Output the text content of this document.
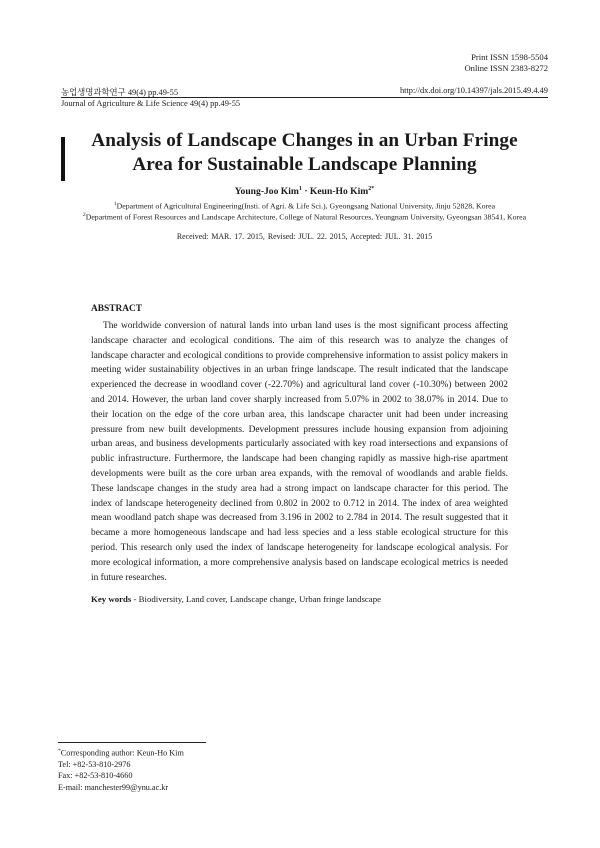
Print ISSN 1598-5504
Online ISSN 2383-8272
농업생명과학연구 49(4) pp.49-55	http://dx.doi.org/10.14397/jals.2015.49.4.49
Journal of Agriculture & Life Science 49(4) pp.49-55
Analysis of Landscape Changes in an Urban Fringe
Area for Sustainable Landscape Planning
Young-Joo Kim$^1$ · Keun-Ho Kim$^{2*}$
$^1$Department of Agricultural Engineering(Insti. of Agri. & Life Sci.), Gyeongsang National University, Jinju 52828, Korea
$^2$Department of Forest Resources and Landscape Architecture, College of Natural Resources, Yeungnam University, Gyeongsan 38541, Korea
Received: MAR. 17. 2015, Revised: JUL. 22. 2015, Accepted: JUL. 31. 2015
ABSTRACT
The worldwide conversion of natural lands into urban land uses is the most significant process affecting landscape character and ecological conditions. The aim of this research was to analyze the changes of landscape character and ecological conditions to provide comprehensive information to assist policy makers in meeting wider sustainability objectives in an urban fringe landscape. The result indicated that the landscape experienced the decrease in woodland cover (-22.70%) and agricultural land cover (-10.30%) between 2002 and 2014. However, the urban land cover sharply increased from 5.07% in 2002 to 38.07% in 2014. Due to their location on the edge of the core urban area, this landscape character unit had been under increasing pressure from new built developments. Development pressures include housing expansion from adjoining urban areas, and business developments particularly associated with key road intersections and expansions of public infrastructure. Furthermore, the landscape had been changing rapidly as massive high-rise apartment developments were built as the core urban area expands, with the removal of woodlands and arable fields. These landscape changes in the study area had a strong impact on landscape character for this period. The index of landscape heterogeneity declined from 0.802 in 2002 to 0.712 in 2014. The index of area weighted mean woodland patch shape was decreased from 3.196 in 2002 to 2.784 in 2014. The result suggested that it became a more homogeneous landscape and had less species and a less stable ecological structure for this period. This research only used the index of landscape heterogeneity for landscape ecological analysis. For more ecological information, a more comprehensive analysis based on landscape ecological metrics is needed in future researches.
Key words - Biodiversity, Land cover, Landscape change, Urban fringe landscape
*Corresponding author: Keun-Ho Kim
Tel: +82-53-810-2976
Fax: +82-53-810-4660
E-mail: manchester99@ynu.ac.kr
